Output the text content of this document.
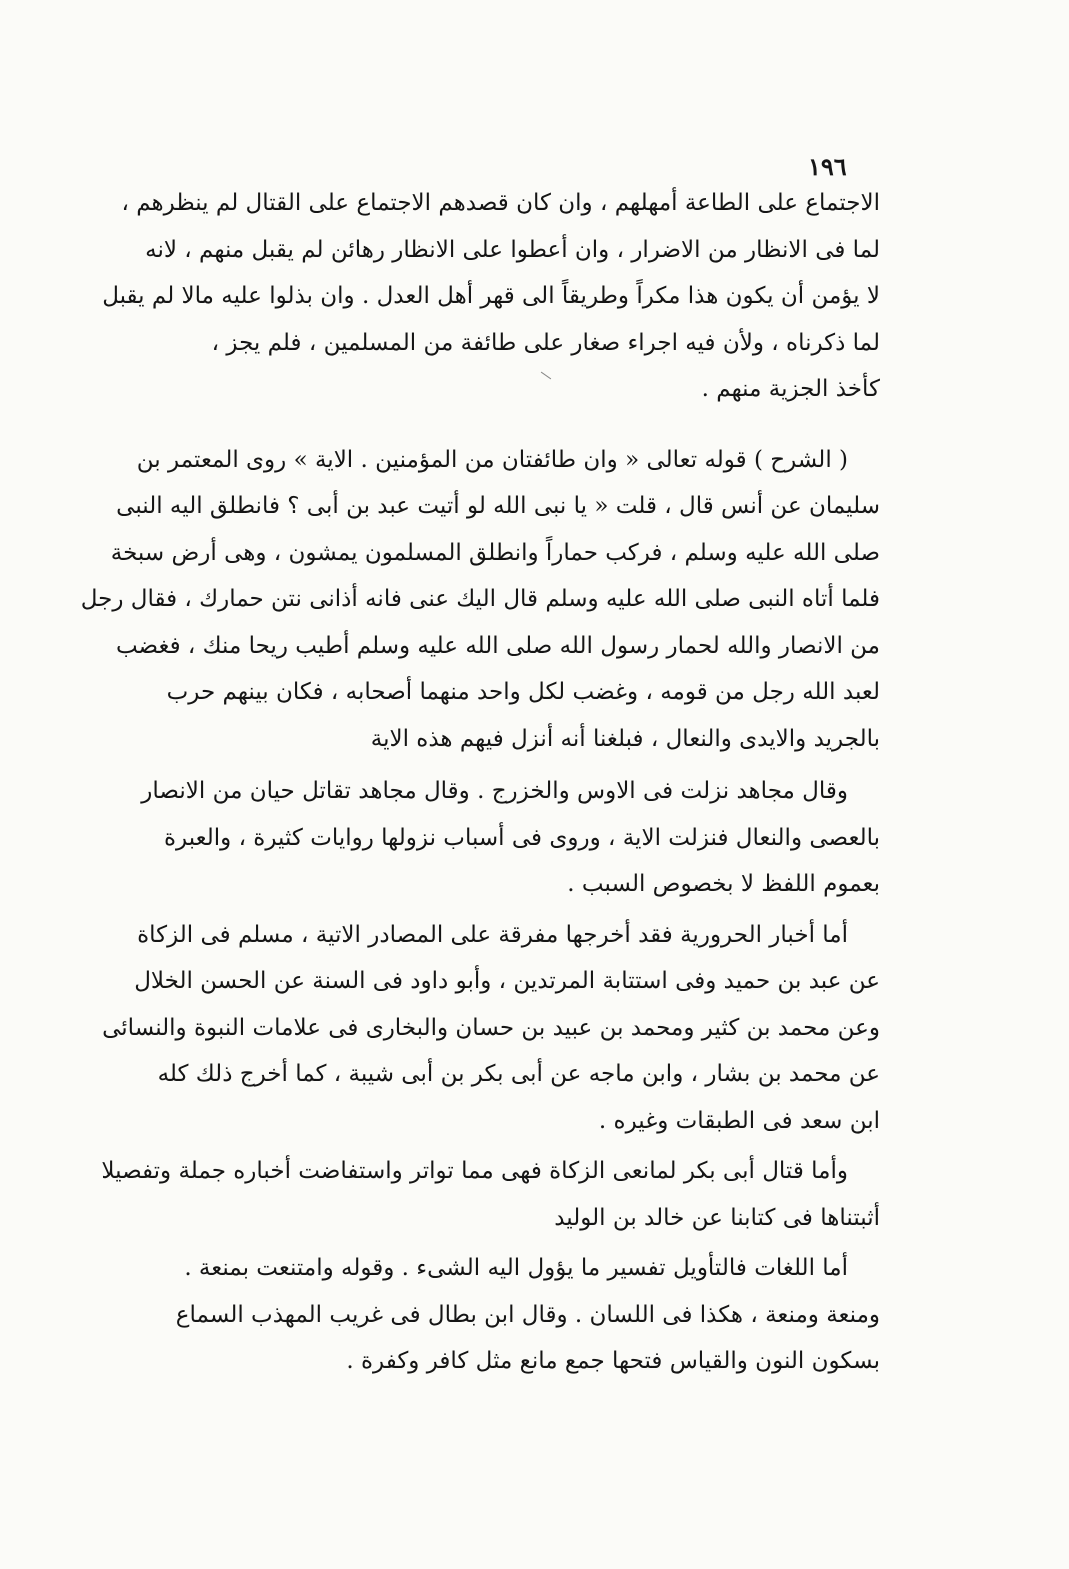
١٩٦

الاجتماع على الطاعة أمهلهم ، وان كان قصدهم الاجتماع على القتال لم ينظرهم ،
لما فى الانظار من الاضرار ، وان أعطوا على الانظار رهائن لم يقبل منهم ، لانه
لا يؤمن أن يكون هذا مكراً وطريقاً الى قهر أهل العدل . وان بذلوا عليه مالا لم يقبل
لما ذكرناه ، ولأن فيه اجراء صغار على طائفة من المسلمين ، فلم يجز ،
كأخذ الجزية منهم .

( الشرح ) قوله تعالى « وان طائفتان من المؤمنين . الاية » روى المعتمر بن
سليمان عن أنس قال ، قلت « يا نبى الله لو أتيت عبد بن أبى ؟ فانطلق اليه النبى
صلى الله عليه وسلم ، فركب حماراً وانطلق المسلمون يمشون ، وهى أرض سبخة
فلما أتاه النبى صلى الله عليه وسلم قال اليك عنى فانه أذانى نتن حمارك ، فقال رجل
من الانصار والله لحمار رسول الله صلى الله عليه وسلم أطيب ريحا منك ، فغضب
لعبد الله رجل من قومه ، وغضب لكل واحد منهما أصحابه ، فكان بينهم حرب
بالجريد والايدى والنعال ، فبلغنا أنه أنزل فيهم هذه الاية

وقال مجاهد نزلت فى الاوس والخزرج . وقال مجاهد تقاتل حيان من الانصار
بالعصى والنعال فنزلت الاية ، وروى فى أسباب نزولها روايات كثيرة ، والعبرة
بعموم اللفظ لا بخصوص السبب .

أما أخبار الحرورية فقد أخرجها مفرقة على المصادر الاتية ، مسلم فى الزكاة
عن عبد بن حميد وفى استتابة المرتدين ، وأبو داود فى السنة عن الحسن الخلال
وعن محمد بن كثير ومحمد بن عبيد بن حسان والبخارى فى علامات النبوة والنسائى
عن محمد بن بشار ، وابن ماجه عن أبى بكر بن أبى شيبة ، كما أخرج ذلك كله
ابن سعد فى الطبقات وغيره .

وأما قتال أبى بكر لمانعى الزكاة فهى مما تواتر واستفاضت أخباره جملة وتفصيلا
أثبتناها فى كتابنا عن خالد بن الوليد

أما اللغات فالتأويل تفسير ما يؤول اليه الشىء . وقوله وامتنعت بمنعة .
ومنعة ومنعة ، هكذا فى اللسان . وقال ابن بطال فى غريب المهذب السماع
بسكون النون والقياس فتحها جمع مانع مثل كافر وكفرة .
